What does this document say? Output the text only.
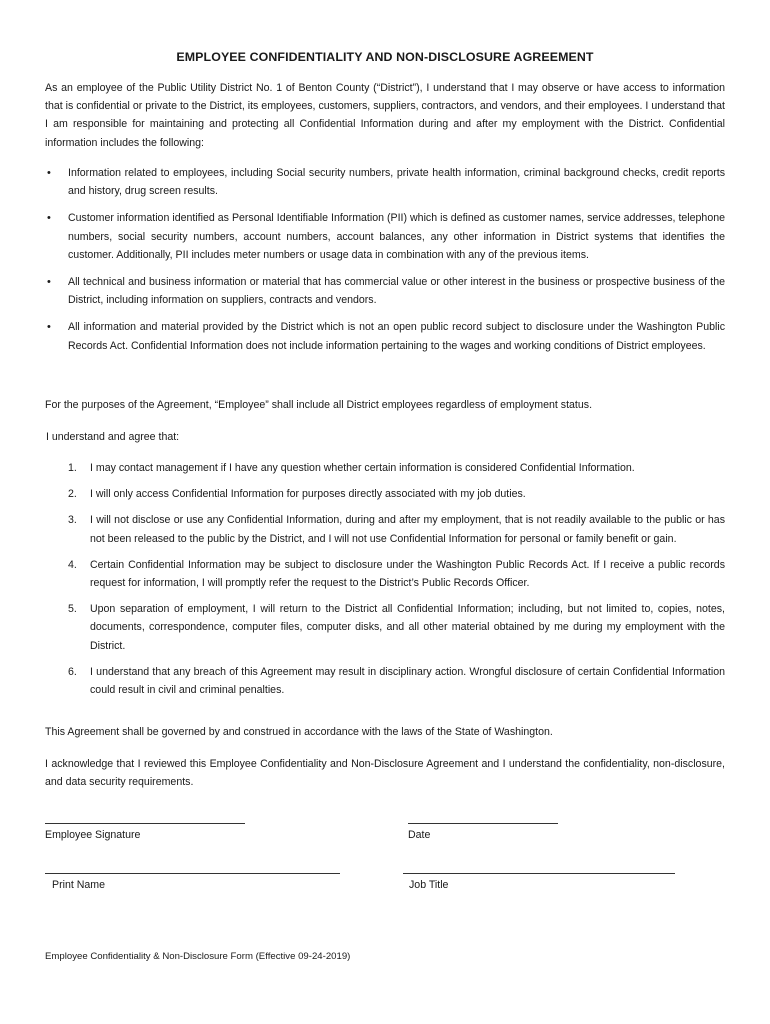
EMPLOYEE CONFIDENTIALITY AND NON-DISCLOSURE AGREEMENT

As an employee of the Public Utility District No. 1 of Benton County (“District”), I understand that I may observe or have access to information that is confidential or private to the District, its employees, customers, suppliers, contractors, and vendors, and their employees. I understand that I am responsible for maintaining and protecting all Confidential Information during and after my employment with the District. Confidential information includes the following:

• Information related to employees, including Social security numbers, private health information, criminal background checks, credit reports and history, drug screen results.
• Customer information identified as Personal Identifiable Information (PII) which is defined as customer names, service addresses, telephone numbers, social security numbers, account numbers, account balances, any other information in District systems that identifies the customer. Additionally, PII includes meter numbers or usage data in combination with any of the previous items.
• All technical and business information or material that has commercial value or other interest in the business or prospective business of the District, including information on suppliers, contracts and vendors.
• All information and material provided by the District which is not an open public record subject to disclosure under the Washington Public Records Act. Confidential Information does not include information pertaining to the wages and working conditions of District employees.

For the purposes of the Agreement, “Employee” shall include all District employees regardless of employment status.

I understand and agree that:

1. I may contact management if I have any question whether certain information is considered Confidential Information.
2. I will only access Confidential Information for purposes directly associated with my job duties.
3. I will not disclose or use any Confidential Information, during and after my employment, that is not readily available to the public or has not been released to the public by the District, and I will not use Confidential Information for personal or family benefit or gain.
4. Certain Confidential Information may be subject to disclosure under the Washington Public Records Act. If I receive a public records request for information, I will promptly refer the request to the District’s Public Records Officer.
5. Upon separation of employment, I will return to the District all Confidential Information; including, but not limited to, copies, notes, documents, correspondence, computer files, computer disks, and all other material obtained by me during my employment with the District.
6. I understand that any breach of this Agreement may result in disciplinary action. Wrongful disclosure of certain Confidential Information could result in civil and criminal penalties.

This Agreement shall be governed by and construed in accordance with the laws of the State of Washington.

I acknowledge that I reviewed this Employee Confidentiality and Non-Disclosure Agreement and I understand the confidentiality, non-disclosure, and data security requirements.

Employee Signature	Date
Print Name	Job Title
Employee Confidentiality & Non-Disclosure Form (Effective 09-24-2019)
